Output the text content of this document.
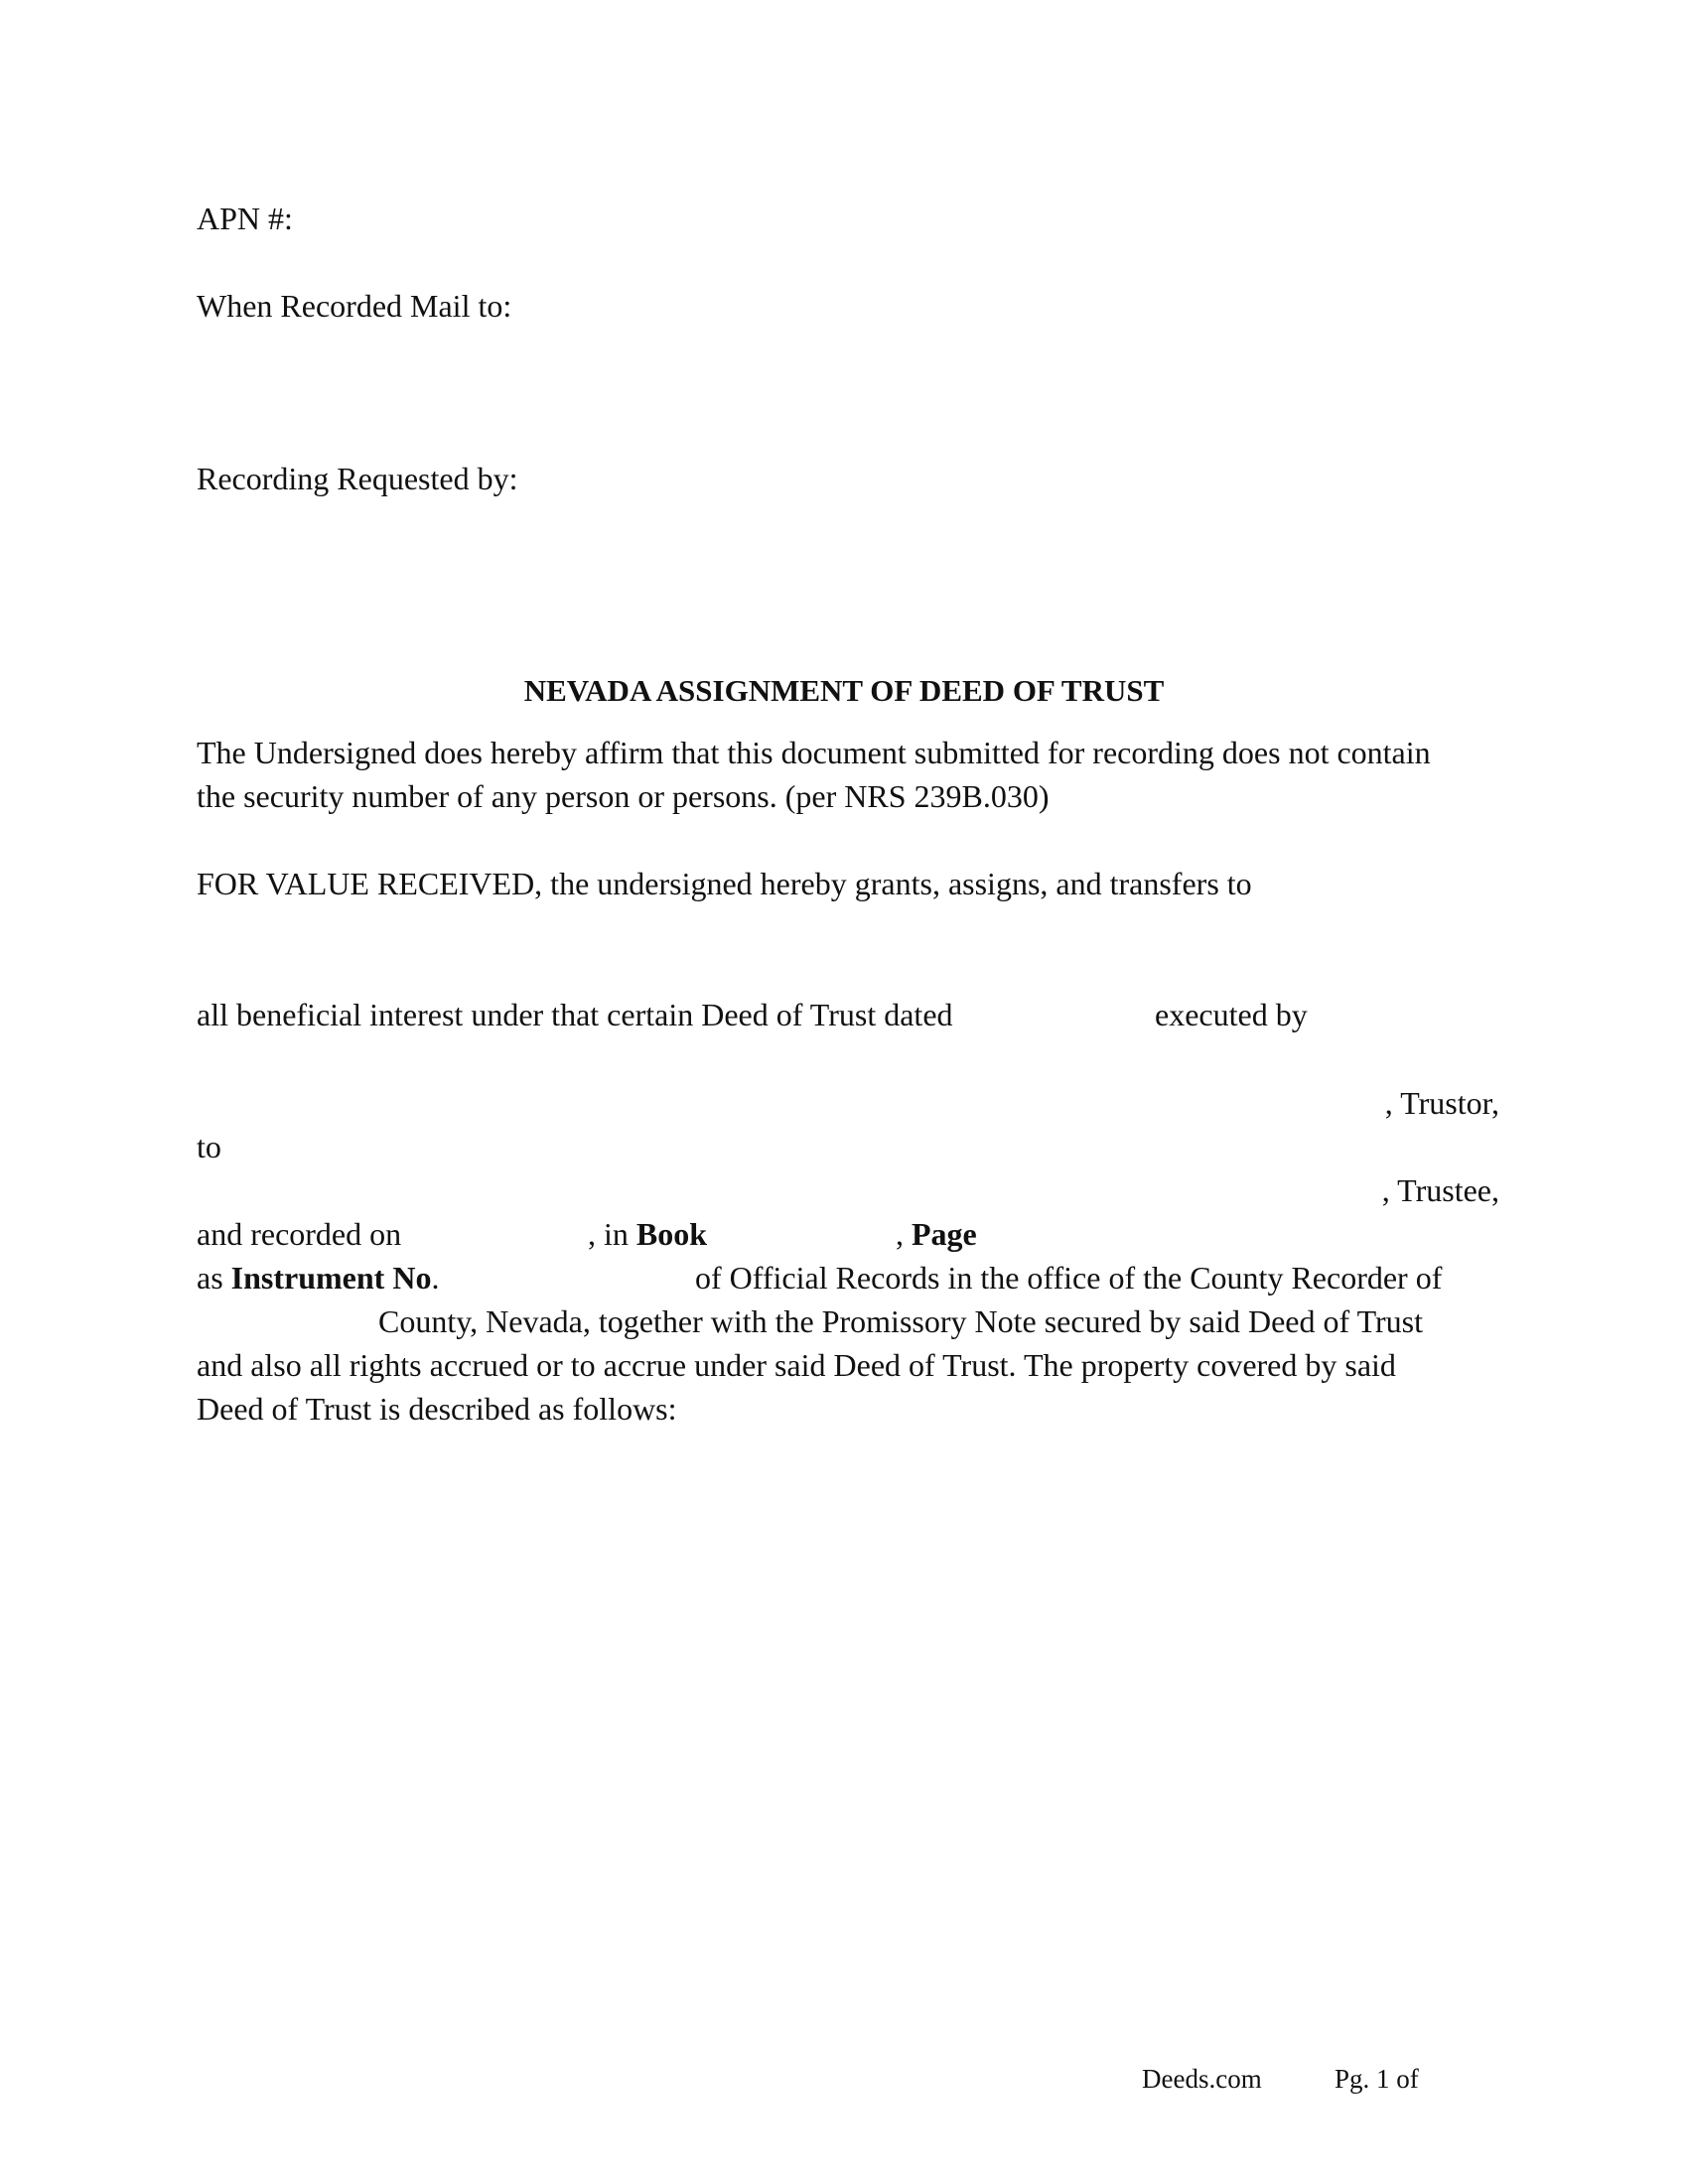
APN #:
When Recorded Mail to:
Recording Requested by:
NEVADA ASSIGNMENT OF DEED OF TRUST
The Undersigned does hereby affirm that this document submitted for recording does not contain
the security number of any person or persons. (per NRS 239B.030)
FOR VALUE RECEIVED, the undersigned hereby grants, assigns, and transfers to
all beneficial interest under that certain Deed of Trust dated	executed by
, Trustor,
to
, Trustee,
and recorded on	, in Book	, Page
as Instrument No.	of Official Records in the office of the County Recorder of
County, Nevada, together with the Promissory Note secured by said Deed of Trust
and also all rights accrued or to accrue under said Deed of Trust. The property covered by said
Deed of Trust is described as follows:
Deeds.com	Pg. 1 of
